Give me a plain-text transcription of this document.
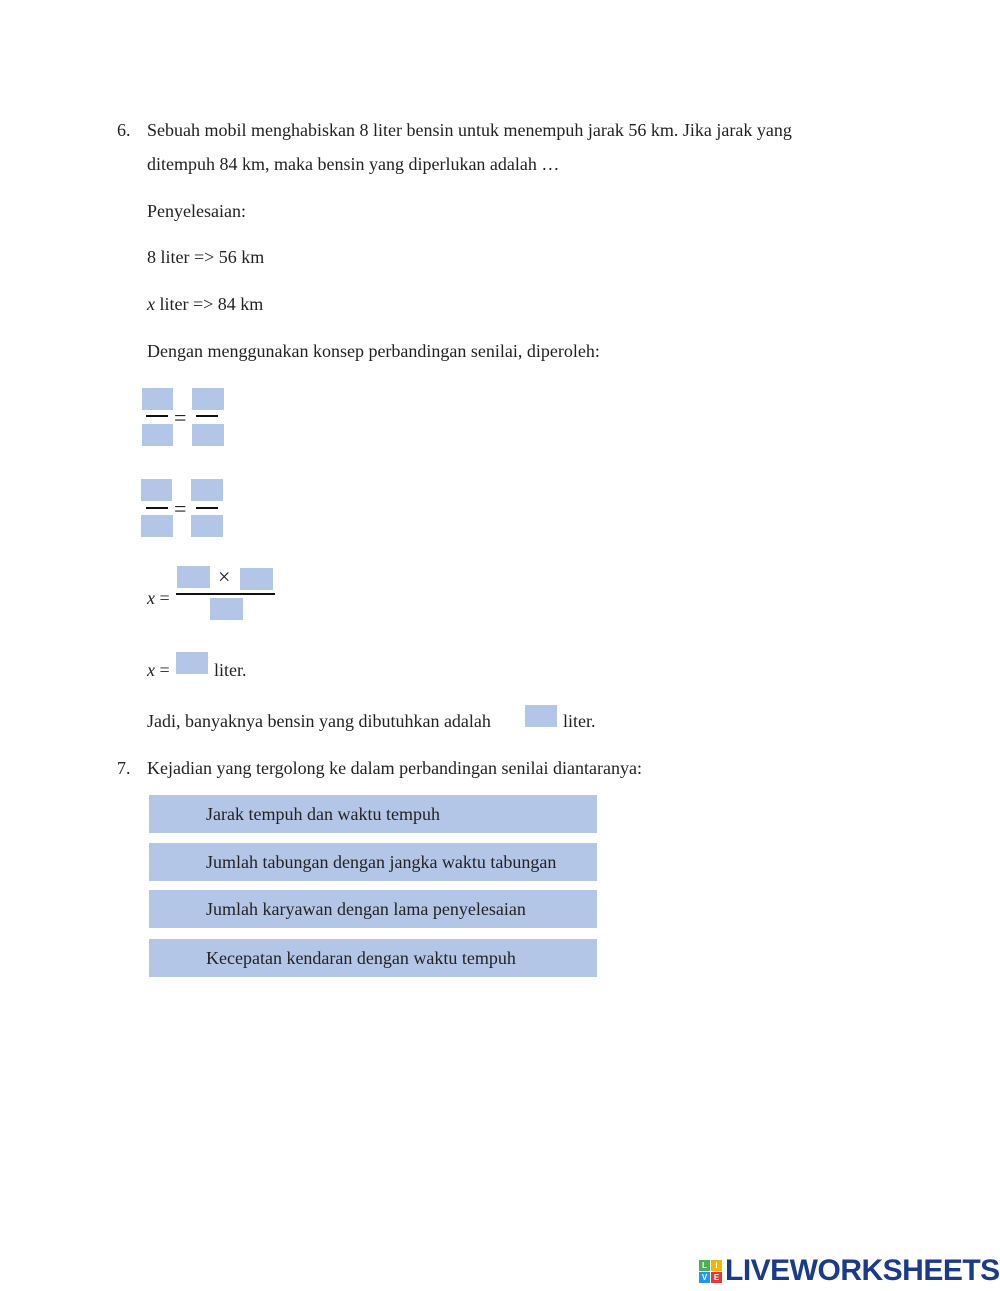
6. Sebuah mobil menghabiskan 8 liter bensin untuk menempuh jarak 56 km. Jika jarak yang
ditempuh 84 km, maka bensin yang diperlukan adalah …
Penyelesaian:
8 liter => 56 km
x liter => 84 km
Dengan menggunakan konsep perbandingan senilai, diperoleh:
=
=
x =
×
x = liter.
Jadi, banyaknya bensin yang dibutuhkan adalah	liter.
7. Kejadian yang tergolong ke dalam perbandingan senilai diantaranya:
Jarak tempuh dan waktu tempuh
Jumlah tabungan dengan jangka waktu tabungan
Jumlah karyawan dengan lama penyelesaian
Kecepatan kendaran dengan waktu tempuh
L	I
V E LIVEWORKSHEETS
